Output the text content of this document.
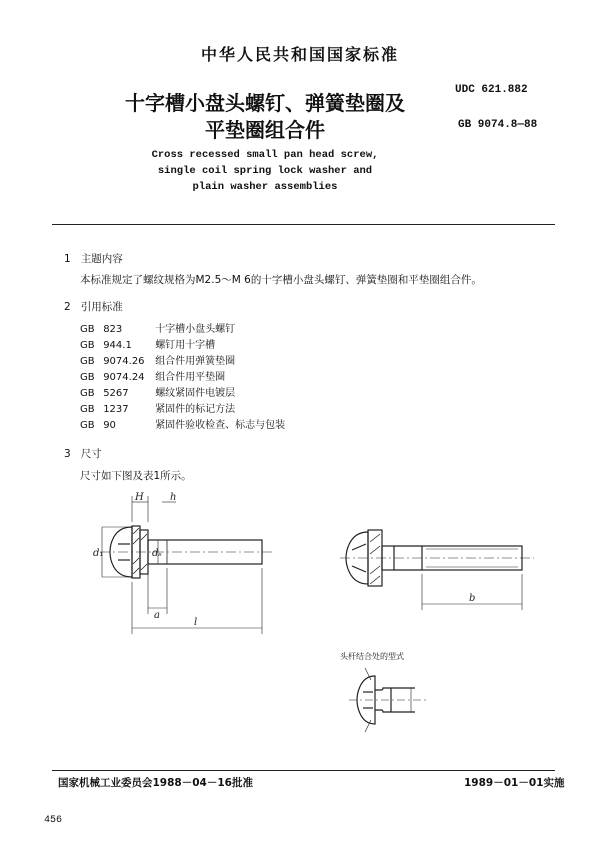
中华人民共和国国家标准
UDC 621.882
GB 9074.8—88
十字槽小盘头螺钉、弹簧垫圈及
平垫圈组合件
Cross recessed small pan head screw,
single coil spring lock washer and
plain washer assemblies
1 主题内容
本标准规定了螺纹规格为M2.5～M 6的十字槽小盘头螺钉、弹簧垫圈和平垫圈组合件。
2 引用标准
GB 823	十字槽小盘头螺钉
GB 944.1 螺钉用十字槽
GB 9074.26 组合件用弹簧垫圈
GB 9074.24 组合件用平垫圈
GB 5267	螺纹紧固件电镀层
GB 1237	紧固件的标记方法
GB 90	紧固件验收检查、标志与包装
3 尺寸
尺寸如下图及表1所示。
H	h
d₁	dₛ
a
l
b
头杆结合处的型式
国家机械工业委员会1988－04－16批准	1989－01－01实施
456
